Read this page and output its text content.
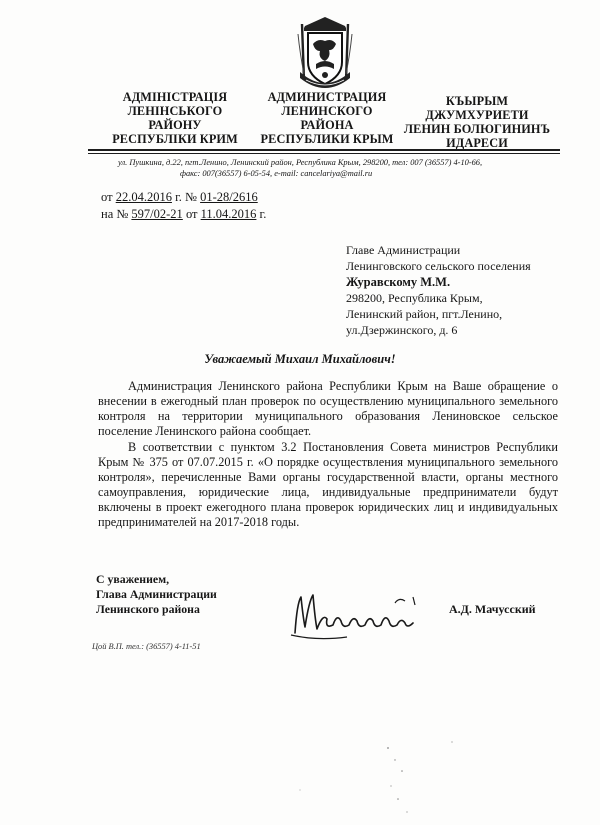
АДМІНІСТРАЦІЯ
ЛЕНІНСЬКОГО
РАЙОНУ
РЕСПУБЛІКИ КРИМ
АДМИНИСТРАЦИЯ
ЛЕНИНСКОГО
РАЙОНА
РЕСПУБЛИКИ КРЫМ
КЪЫРЫМ
ДЖУМХУРИЕТИ
ЛЕНИН БОЛЮГИНИНЪ
ИДАРЕСИ
ул. Пушкина, д.22, пгт.Ленино, Ленинский район, Республика Крым, 298200, тел: 007 (36557) 4-10-66,
факс: 007(36557) 6-05-54, e-mail: cancelariya@mail.ru
от 22.04.2016 г. № 01-28/2616
на № 597/02-21 от 11.04.2016 г.
Главе Администрации
Ленинговского сельского поселения
Журавскому М.М.
298200, Республика Крым,
Ленинский район, пгт.Ленино,
ул.Дзержинского, д. 6
Уважаемый Михаил Михайлович!

Администрация Ленинского района Республики Крым на Ваше обращение о внесении в ежегодный план проверок по осуществлению муниципального земельного контроля на территории муниципального образования Лениновское сельское поселение Ленинского района сообщает.

В соответствии с пунктом 3.2 Постановления Совета министров Республики Крым № 375 от 07.07.2015 г. «О порядке осуществления муниципального земельного контроля», перечисленные Вами органы государственной власти, органы местного самоуправления, юридические лица, индивидуальные предприниматели будут включены в проект ежегодного плана проверок юридических лиц и индивидуальных предпринимателей на 2017-2018 годы.

С уважением,
Глава Администрации
Ленинского района	А.Д. Мачусский
Цой В.П. тел.: (36557) 4-11-51
